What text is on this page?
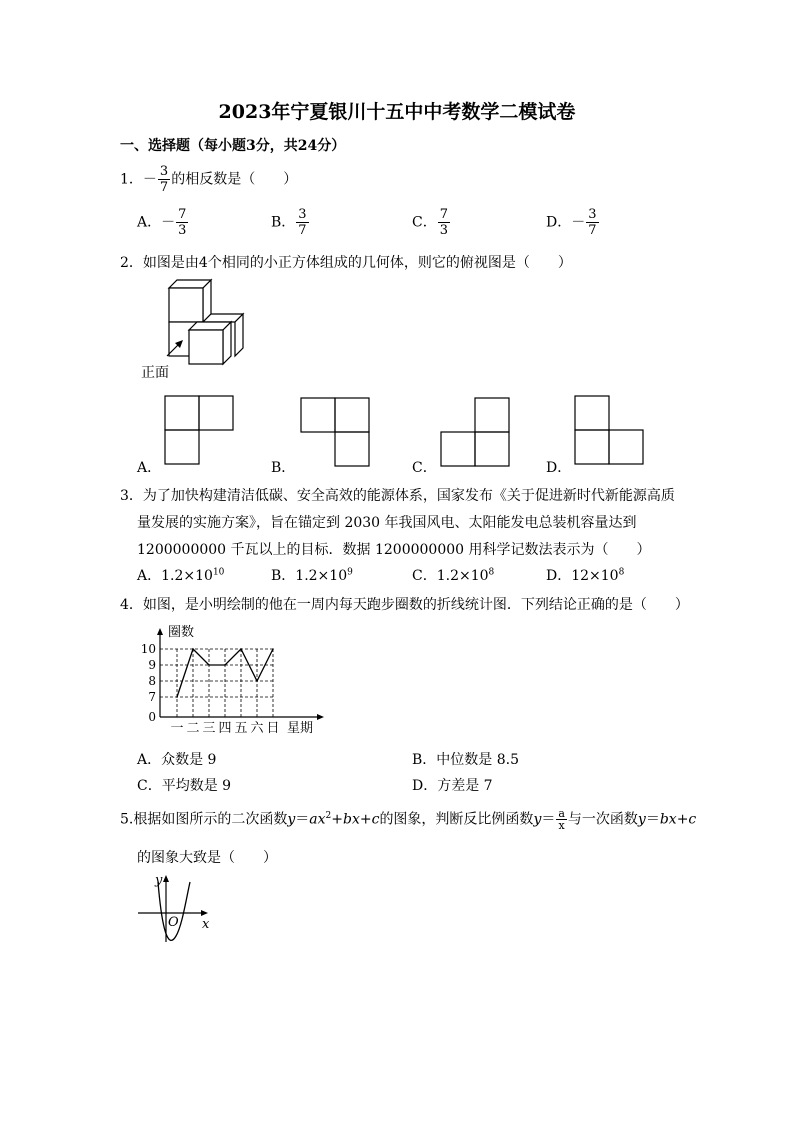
2023年宁夏银川十五中中考数学二模试卷
一、选择题（每小题3分，共24分）
1．－ $\frac{3}{7}$ 的相反数是（　　）
A．－ $\frac{7}{3}$	B． $\frac{3}{7}$	C． $\frac{7}{3}$	D．－ $\frac{3}{7}$
2．如图是由4个相同的小正方体组成的几何体，则它的俯视图是（　　）
正面
A．	B．	C．	D．
3．为了加快构建清洁低碳、安全高效的能源体系，国家发布《关于促进新时代新能源高质
量发展的实施方案》，旨在锚定到 2030 年我国风电、太阳能发电总装机容量达到
1200000000 千瓦以上的目标．数据 1200000000 用科学记数法表示为（　　）
A．$1.2\times 10^{10}$	B．$1.2\times 10^9$	C．$1.2\times 10^8$	D．$12\times 10^8$
4．如图，是小明绘制的他在一周内每天跑步圈数的折线统计图．下列结论正确的是（　　）
0
7
8
9
10
圈数
一 二 三 四 五 六 日 星期
A．众数是 9	B．中位数是 8.5
C．平均数是 9	D．方差是 7
5.根据如图所示的二次函数$y=ax^2+bx+c$的图象，判断反比例函数$y= \frac{a}{x}$ 与一次函数y＝bx+c
的图象大致是（　　）
x
y
O
